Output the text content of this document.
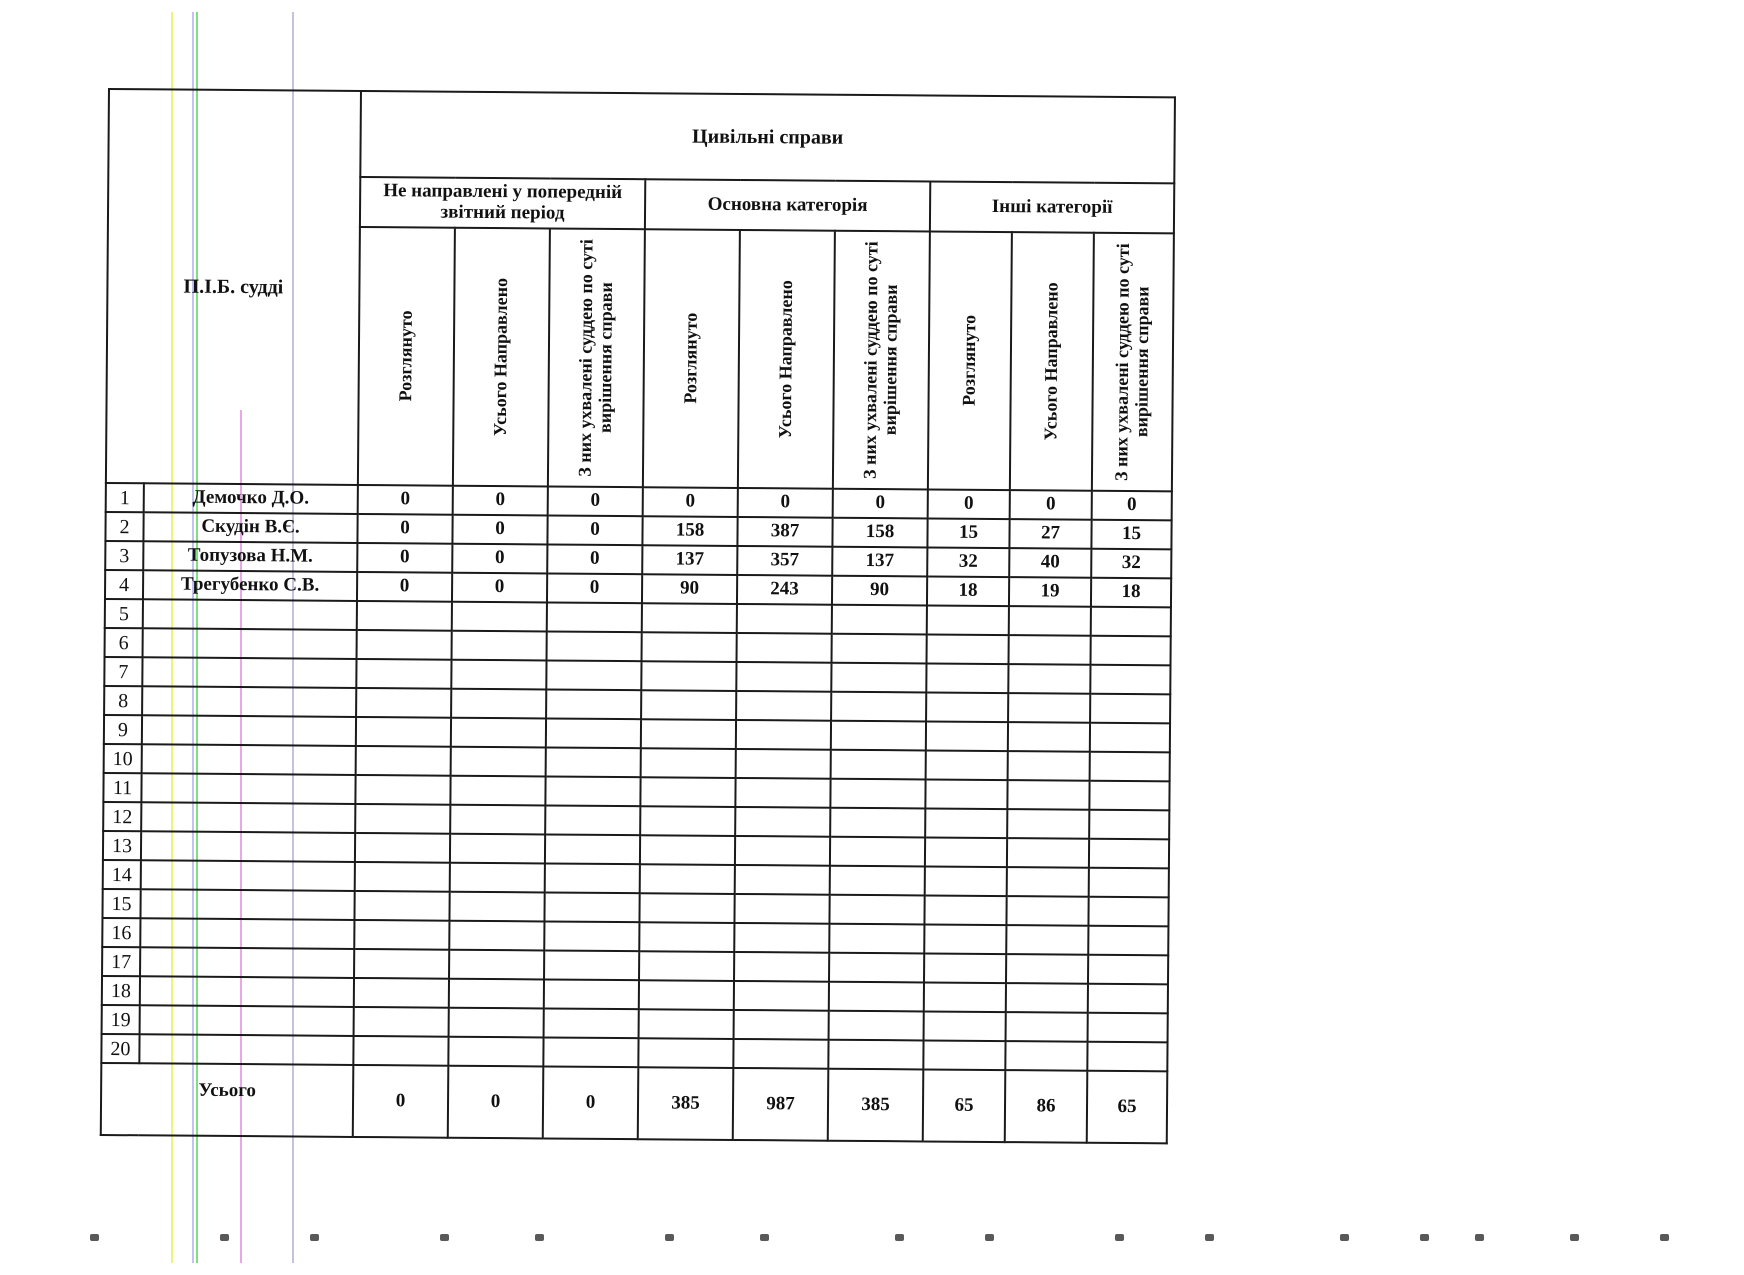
П.І.Б. судді		Цивільні справи								
		Не направлені у попередній звітний період			Основна категорія			Інші категорії		
		Розглянуто	Усього Направлено	З них ухвалені суддею по суті вирішення справи	Розглянуто	Усього Направлено	З них ухвалені суддею по суті вирішення справи	Розглянуто	Усього Направлено	З них ухвалені суддею по суті вирішення справи
1	Демочко Д.О.	0	0	0	0	0	0	0	0	0
2	Скудін В.Є.	0	0	0	158	387	158	15	27	15
3	Топузова Н.М.	0	0	0	137	357	137	32	40	32
4	Трегубенко С.В.	0	0	0	90	243	90	18	19	18
5										
6										
7										
8										
9										
10										
11										
12										
13										
14										
15										
16										
17										
18										
19										
20										
Усього		0	0	0	385	987	385	65	86	65
